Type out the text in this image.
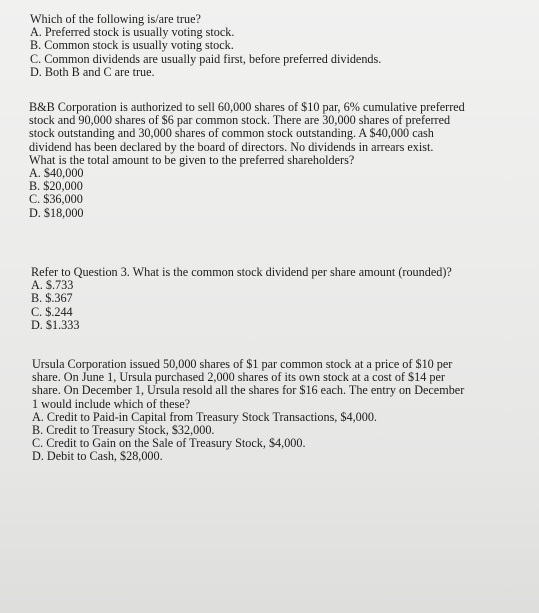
Which of the following is/are true?
A. Preferred stock is usually voting stock.
B. Common stock is usually voting stock.
C. Common dividends are usually paid first, before preferred dividends.
D. Both B and C are true.
B&B Corporation is authorized to sell 60,000 shares of $10 par, 6% cumulative preferred
stock and 90,000 shares of $6 par common stock. There are 30,000 shares of preferred
stock outstanding and 30,000 shares of common stock outstanding. A $40,000 cash
dividend has been declared by the board of directors. No dividends in arrears exist.
What is the total amount to be given to the preferred shareholders?
A. $40,000
B. $20,000
C. $36,000
D. $18,000
Refer to Question 3. What is the common stock dividend per share amount (rounded)?
A. $.733
B. $.367
C. $.244
D. $1.333
Ursula Corporation issued 50,000 shares of $1 par common stock at a price of $10 per
share. On June 1, Ursula purchased 2,000 shares of its own stock at a cost of $14 per
share. On December 1, Ursula resold all the shares for $16 each. The entry on December
1 would include which of these?
A. Credit to Paid-in Capital from Treasury Stock Transactions, $4,000.
B. Credit to Treasury Stock, $32,000.
C. Credit to Gain on the Sale of Treasury Stock, $4,000.
D. Debit to Cash, $28,000.
